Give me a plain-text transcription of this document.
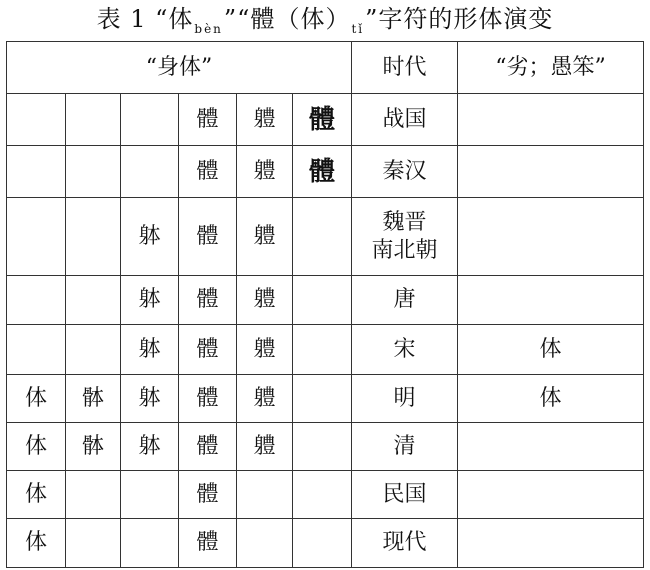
表 1 “体$_{bèn}$”“體（体）$_{tǐ}$”字符的形体演变
“身体”						时代	“劣；愚笨”
			體	軆	體	战国	
			體	軆	體	秦汉	
		躰	體	軆		魏晋
南北朝	
		躰	體	軆		唐	
		躰	體	軆		宋	体
体	骵	躰	體	軆		明	体
体	骵	躰	體	軆		清	
体			體			民国	
体			體			现代	
